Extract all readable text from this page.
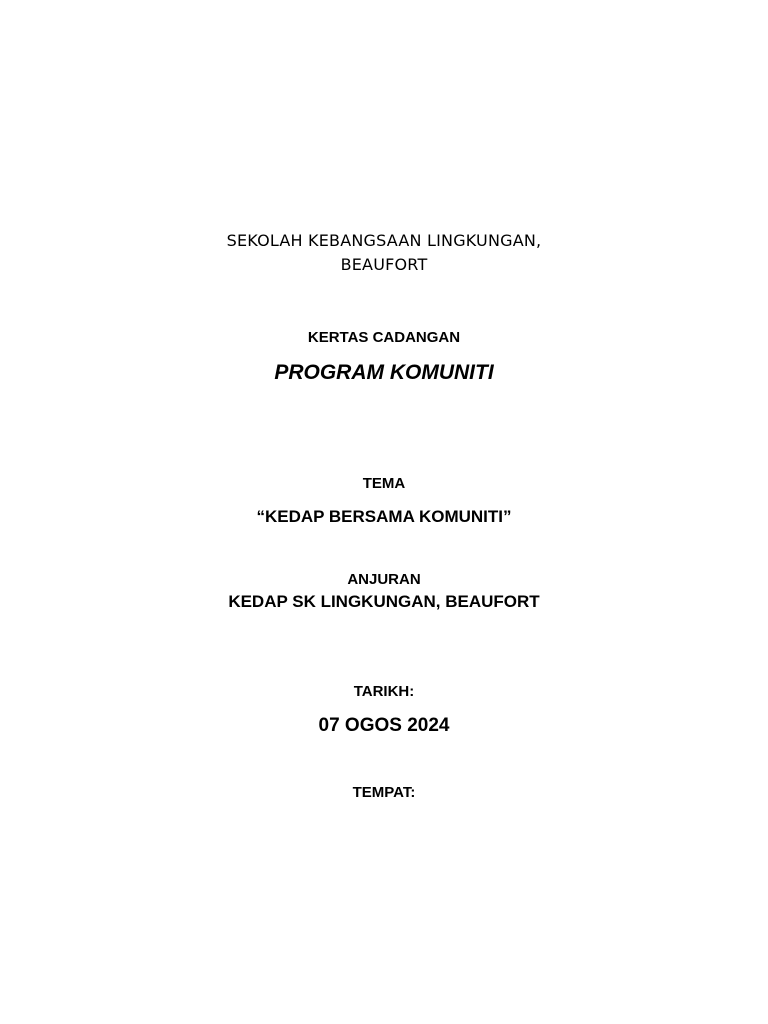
SEKOLAH KEBANGSAAN LINGKUNGAN,
BEAUFORT
KERTAS CADANGAN
PROGRAM KOMUNITI
TEMA
“KEDAP BERSAMA KOMUNITI”
ANJURAN
KEDAP SK LINGKUNGAN, BEAUFORT
TARIKH:
07 OGOS 2024
TEMPAT:
